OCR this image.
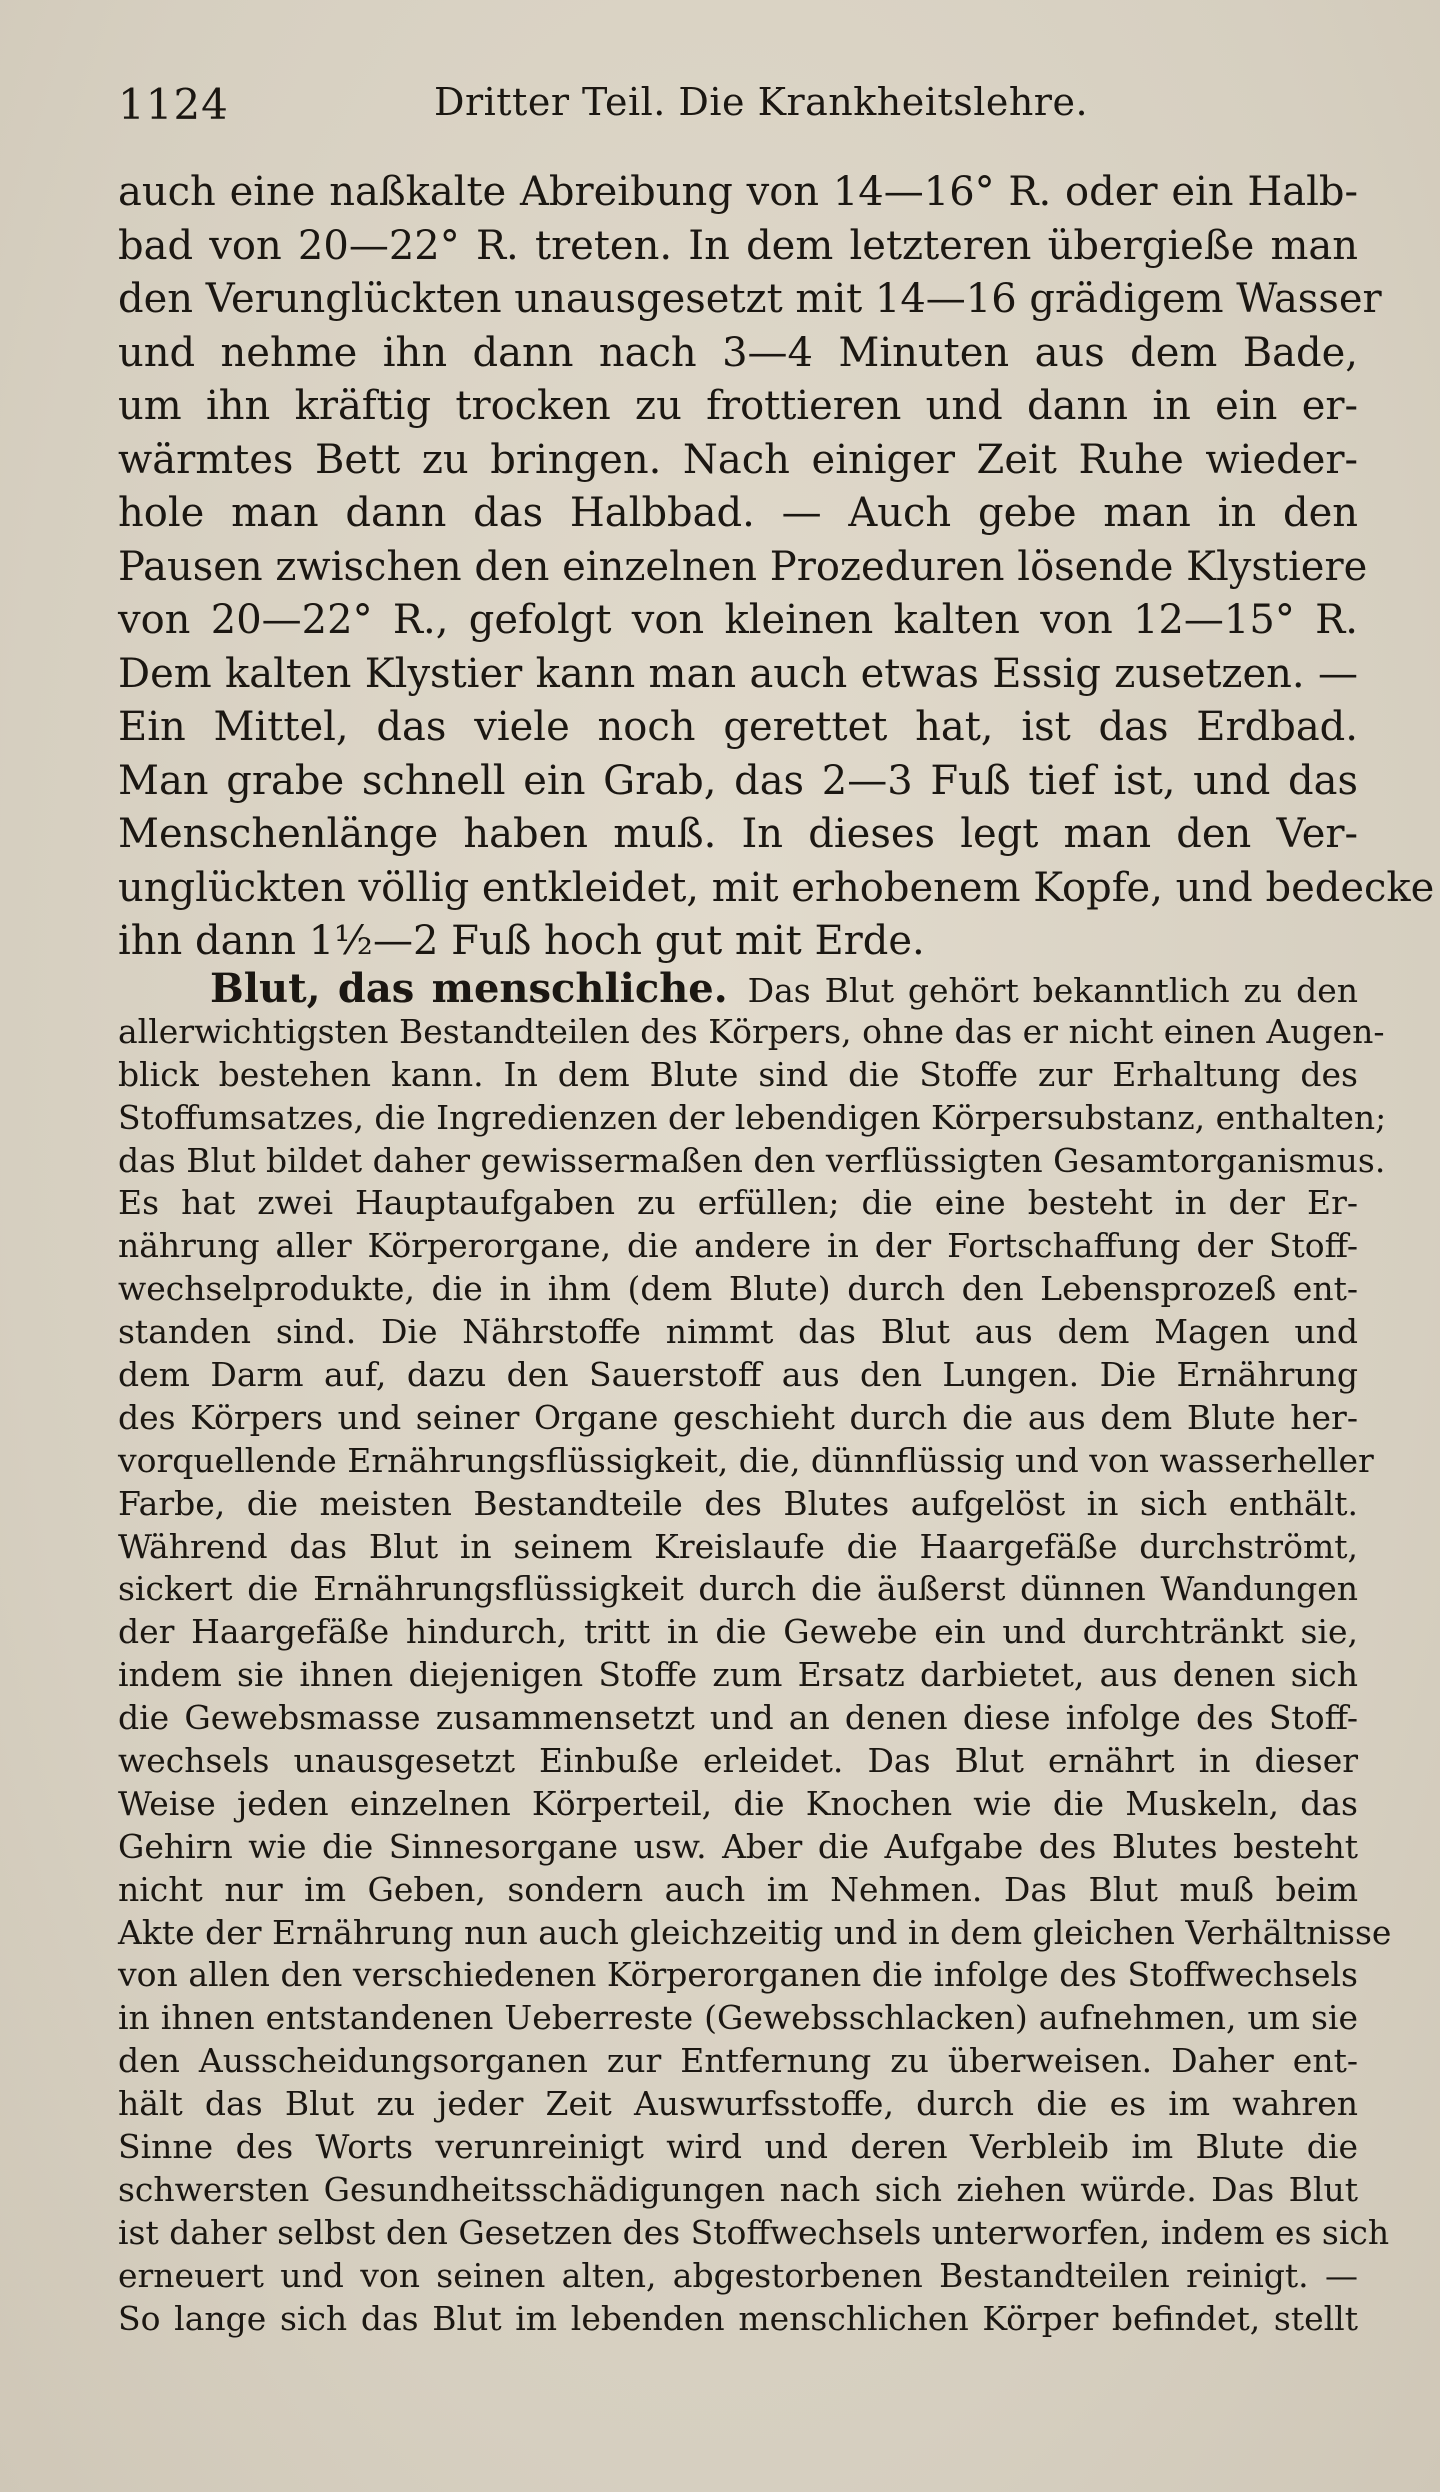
1124	Dritter Teil. Die Krankheitslehre.
auch eine naßkalte Abreibung von 14—16° R. oder ein Halb-
bad von 20—22° R. treten. In dem letzteren übergieße man
den Verunglückten unausgesetzt mit 14—16 grädigem Wasser
und nehme ihn dann nach 3—4 Minuten aus dem Bade,
um ihn kräftig trocken zu frottieren und dann in ein er-
wärmtes Bett zu bringen. Nach einiger Zeit Ruhe wieder-
hole man dann das Halbbad. — Auch gebe man in den
Pausen zwischen den einzelnen Prozeduren lösende Klystiere
von 20—22° R., gefolgt von kleinen kalten von 12—15° R.
Dem kalten Klystier kann man auch etwas Essig zusetzen. —
Ein Mittel, das viele noch gerettet hat, ist das Erdbad.
Man grabe schnell ein Grab, das 2—3 Fuß tief ist, und das
Menschenlänge haben muß. In dieses legt man den Ver-
unglückten völlig entkleidet, mit erhobenem Kopfe, und bedecke
ihn dann 1½—2 Fuß hoch gut mit Erde.
Blut, das menschliche. Das Blut gehört bekanntlich zu den
allerwichtigsten Bestandteilen des Körpers, ohne das er nicht einen Augen-
blick bestehen kann. In dem Blute sind die Stoffe zur Erhaltung des
Stoffumsatzes, die Ingredienzen der lebendigen Körpersubstanz, enthalten;
das Blut bildet daher gewissermaßen den verflüssigten Gesamtorganismus.
Es hat zwei Hauptaufgaben zu erfüllen; die eine besteht in der Er-
nährung aller Körperorgane, die andere in der Fortschaffung der Stoff-
wechselprodukte, die in ihm (dem Blute) durch den Lebensprozeß ent-
standen sind. Die Nährstoffe nimmt das Blut aus dem Magen und
dem Darm auf, dazu den Sauerstoff aus den Lungen. Die Ernährung
des Körpers und seiner Organe geschieht durch die aus dem Blute her-
vorquellende Ernährungsflüssigkeit, die, dünnflüssig und von wasserheller
Farbe, die meisten Bestandteile des Blutes aufgelöst in sich enthält.
Während das Blut in seinem Kreislaufe die Haargefäße durchströmt,
sickert die Ernährungsflüssigkeit durch die äußerst dünnen Wandungen
der Haargefäße hindurch, tritt in die Gewebe ein und durchtränkt sie,
indem sie ihnen diejenigen Stoffe zum Ersatz darbietet, aus denen sich
die Gewebsmasse zusammensetzt und an denen diese infolge des Stoff-
wechsels unausgesetzt Einbuße erleidet. Das Blut ernährt in dieser
Weise jeden einzelnen Körperteil, die Knochen wie die Muskeln, das
Gehirn wie die Sinnesorgane usw. Aber die Aufgabe des Blutes besteht
nicht nur im Geben, sondern auch im Nehmen. Das Blut muß beim
Akte der Ernährung nun auch gleichzeitig und in dem gleichen Verhältnisse
von allen den verschiedenen Körperorganen die infolge des Stoffwechsels
in ihnen entstandenen Ueberreste (Gewebsschlacken) aufnehmen, um sie
den Ausscheidungsorganen zur Entfernung zu überweisen. Daher ent-
hält das Blut zu jeder Zeit Auswurfsstoffe, durch die es im wahren
Sinne des Worts verunreinigt wird und deren Verbleib im Blute die
schwersten Gesundheitsschädigungen nach sich ziehen würde. Das Blut
ist daher selbst den Gesetzen des Stoffwechsels unterworfen, indem es sich
erneuert und von seinen alten, abgestorbenen Bestandteilen reinigt. —
So lange sich das Blut im lebenden menschlichen Körper befindet, stellt
